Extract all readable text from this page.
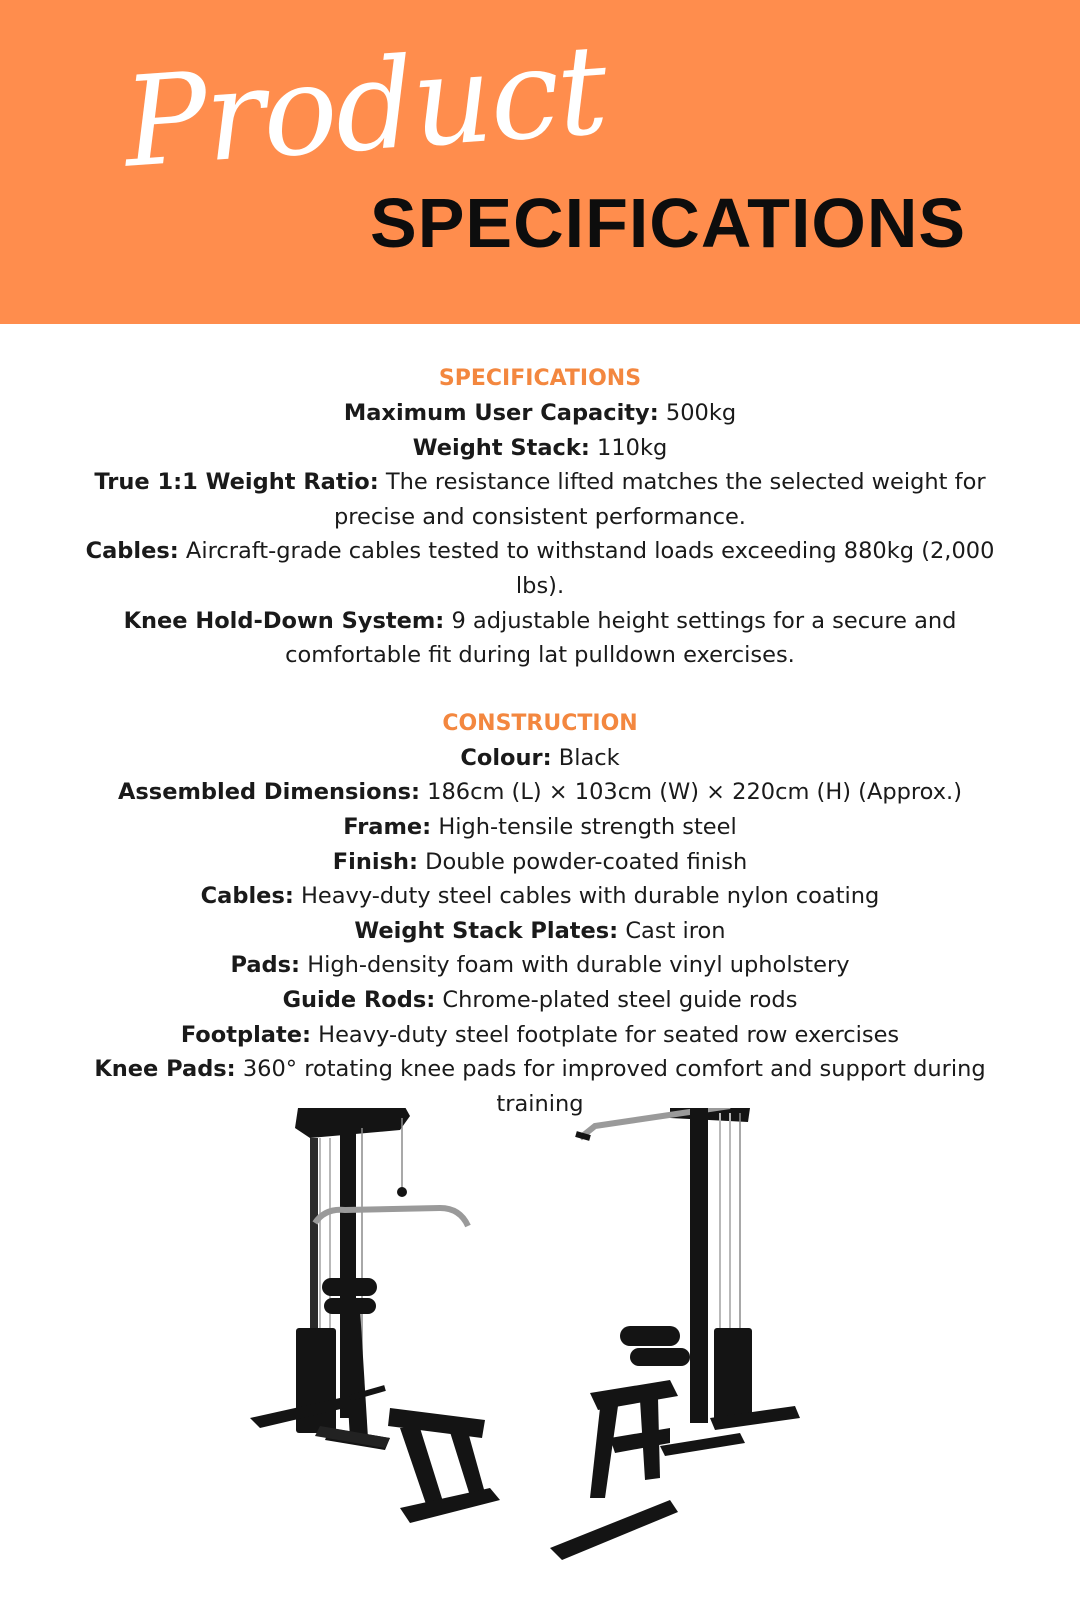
Product
SPECIFICATIONS

SPECIFICATIONS

Maximum User Capacity: 500kg

Weight Stack: 110kg

True 1:1 Weight Ratio: The resistance lifted matches the selected weight for precise and consistent performance.

Cables: Aircraft-grade cables tested to withstand loads exceeding 880kg (2,000 lbs).

Knee Hold-Down System: 9 adjustable height settings for a secure and comfortable fit during lat pulldown exercises.

CONSTRUCTION

Colour: Black

Assembled Dimensions: 186cm (L) × 103cm (W) × 220cm (H) (Approx.)

Frame: High-tensile strength steel

Finish: Double powder-coated finish

Cables: Heavy-duty steel cables with durable nylon coating

Weight Stack Plates: Cast iron

Pads: High-density foam with durable vinyl upholstery

Guide Rods: Chrome-plated steel guide rods

Footplate: Heavy-duty steel footplate for seated row exercises

Knee Pads: 360° rotating knee pads for improved comfort and support during training
